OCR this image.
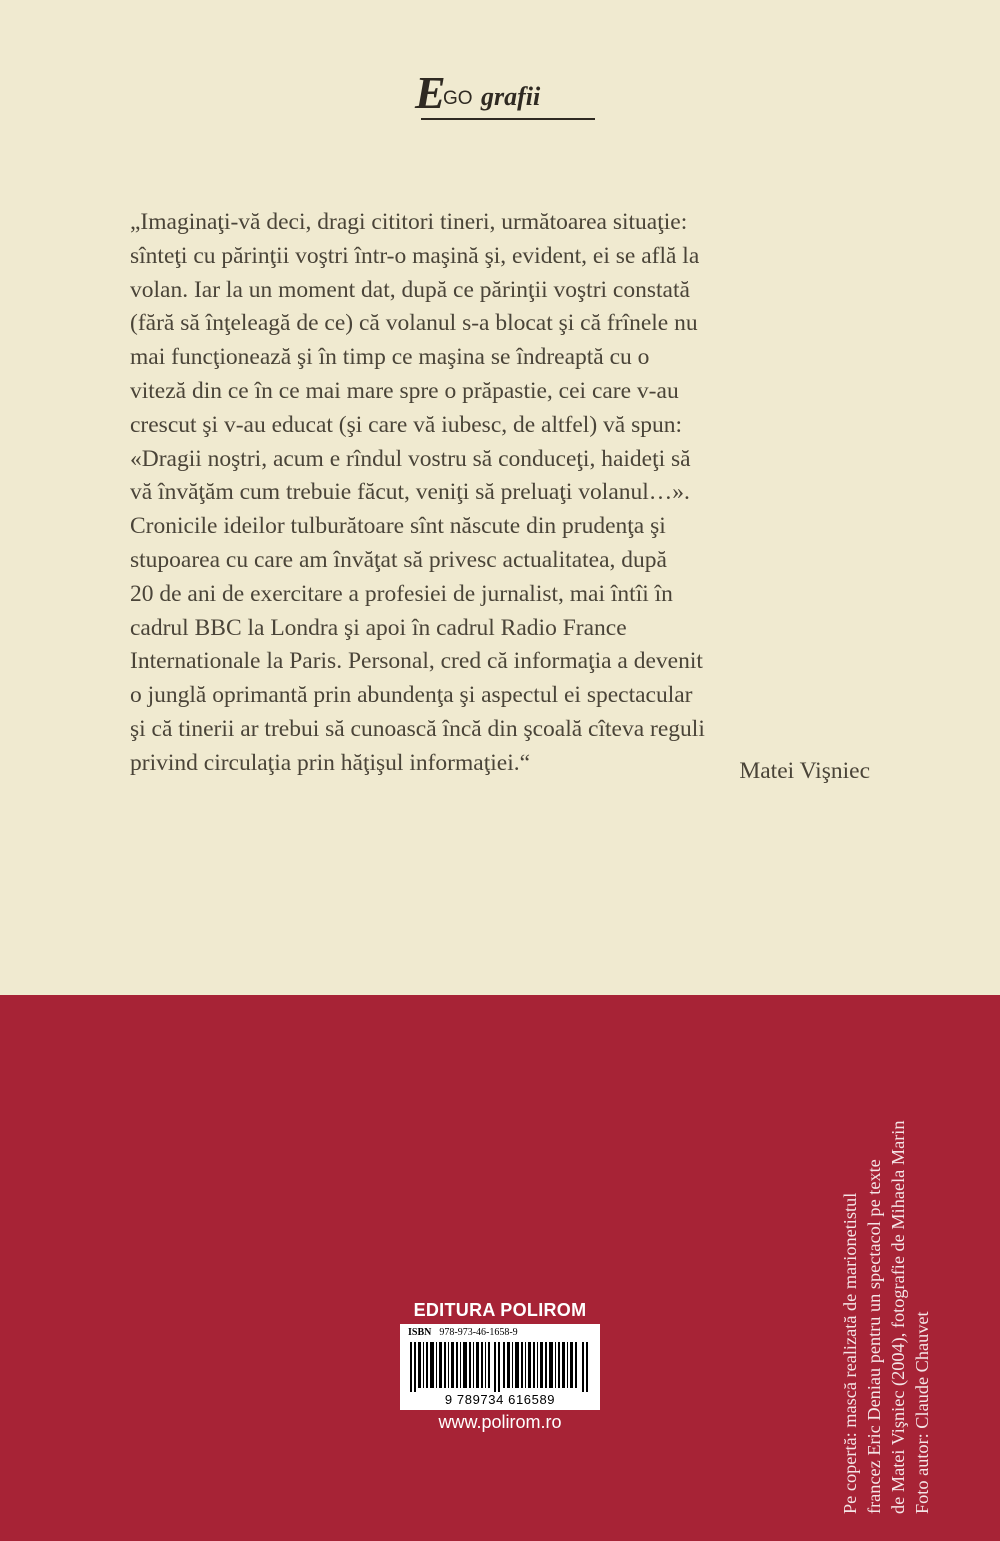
E
GO grafii
„Imaginaţi-vă deci, dragi cititori tineri, următoarea situaţie:
sînteţi cu părinţii voştri într-o maşină şi, evident, ei se află la
volan. Iar la un moment dat, după ce părinţii voştri constată
(fără să înţeleagă de ce) că volanul s-a blocat şi că frînele nu
mai funcţionează şi în timp ce maşina se îndreaptă cu o
viteză din ce în ce mai mare spre o prăpastie, cei care v-au
crescut şi v-au educat (şi care vă iubesc, de altfel) vă spun:
«Dragii noştri, acum e rîndul vostru să conduceţi, haideţi să
vă învăţăm cum trebuie făcut, veniţi să preluaţi volanul…».
Cronicile ideilor tulburătoare sînt născute din prudenţa şi
stupoarea cu care am învăţat să privesc actualitatea, după
20 de ani de exercitare a profesiei de jurnalist, mai întîi în
cadrul BBC la Londra şi apoi în cadrul Radio France
Internationale la Paris. Personal, cred că informaţia a devenit
o junglă oprimantă prin abundenţa şi aspectul ei spectacular
şi că tinerii ar trebui să cunoască încă din şcoală cîteva reguli
privind circulaţia prin hăţişul informaţiei.“	Matei Vişniec
EDITURA POLIROM
ISBN 978-973-46-1658-9
9 789734 616589
www.polirom.ro	Pe copertă: mască realizată de marionetistul francez Eric Deniau pentru un spectacol pe texte de Matei Vişniec (2004), fotografie de Mihaela Marin Foto autor: Claude Chauvet
